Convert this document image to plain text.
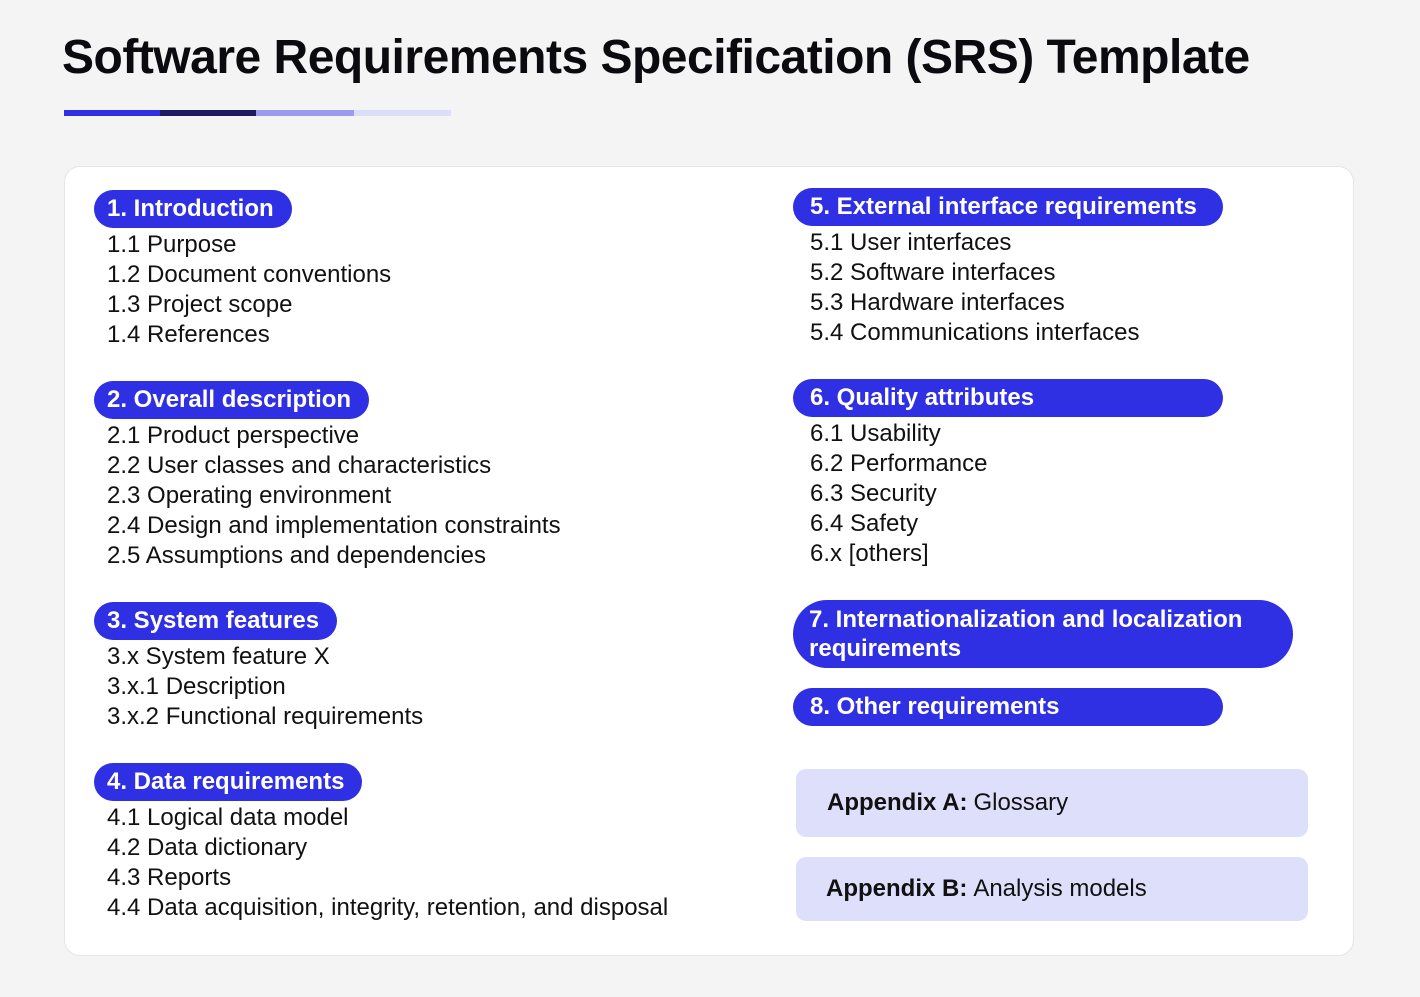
Software Requirements Specification (SRS) Template
1. Introduction
1.1 Purpose
1.2 Document conventions
1.3 Project scope
1.4 References
2. Overall description
2.1 Product perspective
2.2 User classes and characteristics
2.3 Operating environment
2.4 Design and implementation constraints
2.5 Assumptions and dependencies
3. System features
3.x System feature X
3.x.1 Description
3.x.2 Functional requirements
4. Data requirements
4.1 Logical data model
4.2 Data dictionary
4.3 Reports
4.4 Data acquisition, integrity, retention, and disposal
5. External interface requirements
5.1 User interfaces
5.2 Software interfaces
5.3 Hardware interfaces
5.4 Communications interfaces
6. Quality attributes
6.1 Usability
6.2 Performance
6.3 Security
6.4 Safety
6.x [others]
7. Internationalization and localization requirements
8. Other requirements
Appendix A: Glossary
Appendix B: Analysis models
